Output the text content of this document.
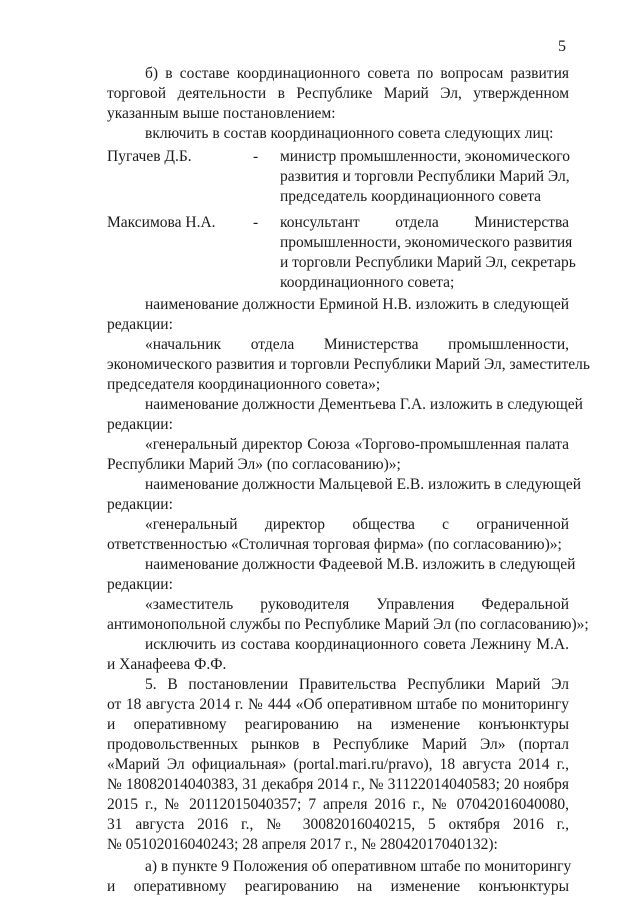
5
б) в составе координационного совета по вопросам развития
торговой деятельности в Республике Марий Эл, утвержденном
указанным выше постановлением:
включить в состав координационного совета следующих лиц:
Пугачев Д.Б.	- министр промышленности, экономического
развития и торговли Республики Марий Эл,
председатель координационного совета
Максимова Н.А. - консультант отдела Министерства
промышленности, экономического развития
и торговли Республики Марий Эл, секретарь
координационного совета;
наименование должности Ерминой Н.В. изложить в следующей
редакции:
«начальник отдела Министерства промышленности,
экономического развития и торговли Республики Марий Эл, заместитель
председателя координационного совета»;
наименование должности Дементьева Г.А. изложить в следующей
редакции:
«генеральный директор Союза «Торгово-промышленная палата
Республики Марий Эл» (по согласованию)»;
наименование должности Мальцевой Е.В. изложить в следующей
редакции:
«генеральный директор общества с ограниченной
ответственностью «Столичная торговая фирма» (по согласованию)»;
наименование должности Фадеевой М.В. изложить в следующей
редакции:
«заместитель руководителя Управления Федеральной
антимонопольной службы по Республике Марий Эл (по согласованию)»;
исключить из состава координационного совета Лежнину М.А.
и Ханафеева Ф.Ф.
5. В постановлении Правительства Республики Марий Эл
от 18 августа 2014 г. № 444 «Об оперативном штабе по мониторингу
и оперативному реагированию на изменение конъюнктуры
продовольственных рынков в Республике Марий Эл» (портал
«Марий Эл официальная» (portal.mari.ru/pravo), 18 августа 2014 г.,
№ 18082014040383, 31 декабря 2014 г., № 31122014040583; 20 ноября
2015 г., № 20112015040357; 7 апреля 2016 г., № 07042016040080,
31 августа 2016 г., № 30082016040215, 5 октября 2016 г.,
№ 05102016040243; 28 апреля 2017 г., № 28042017040132):
а) в пункте 9 Положения об оперативном штабе по мониторингу
и оперативному реагированию на изменение конъюнктуры
